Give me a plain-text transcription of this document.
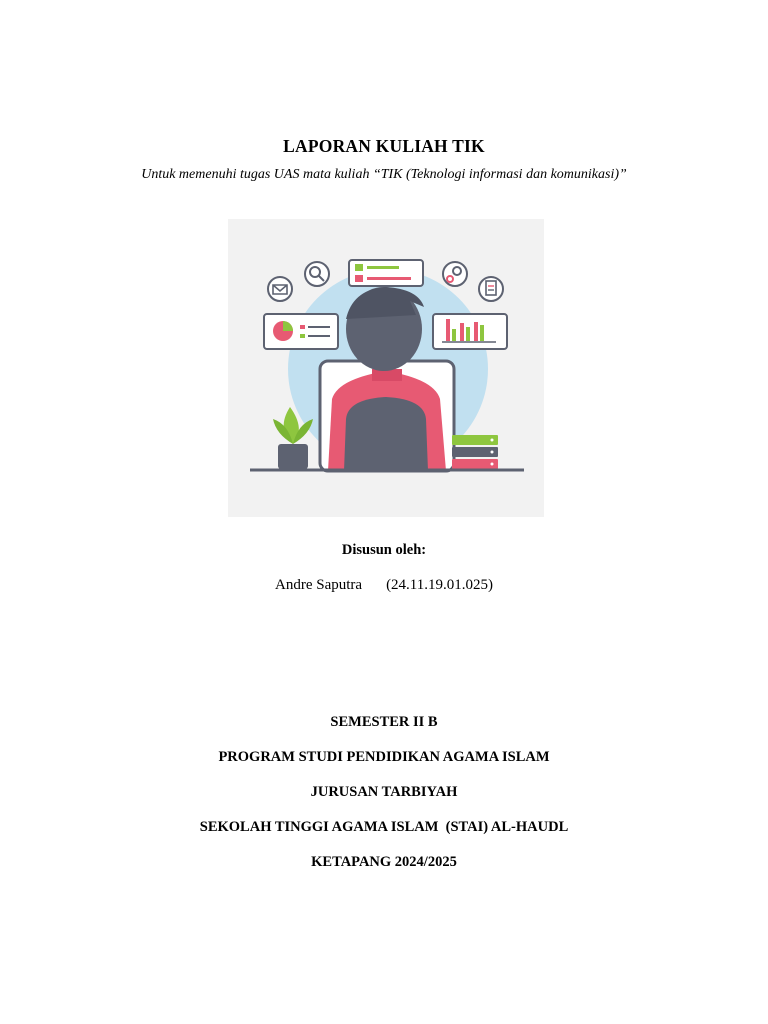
LAPORAN KULIAH TIK
Untuk memenuhi tugas UAS mata kuliah “TIK (Teknologi informasi dan komunikasi)”
Disusun oleh:
Andre Saputra (24.11.19.01.025)
SEMESTER II B
PROGRAM STUDI PENDIDIKAN AGAMA ISLAM
JURUSAN TARBIYAH
SEKOLAH TINGGI AGAMA ISLAM  (STAI) AL-HAUDL
KETAPANG 2024/2025
